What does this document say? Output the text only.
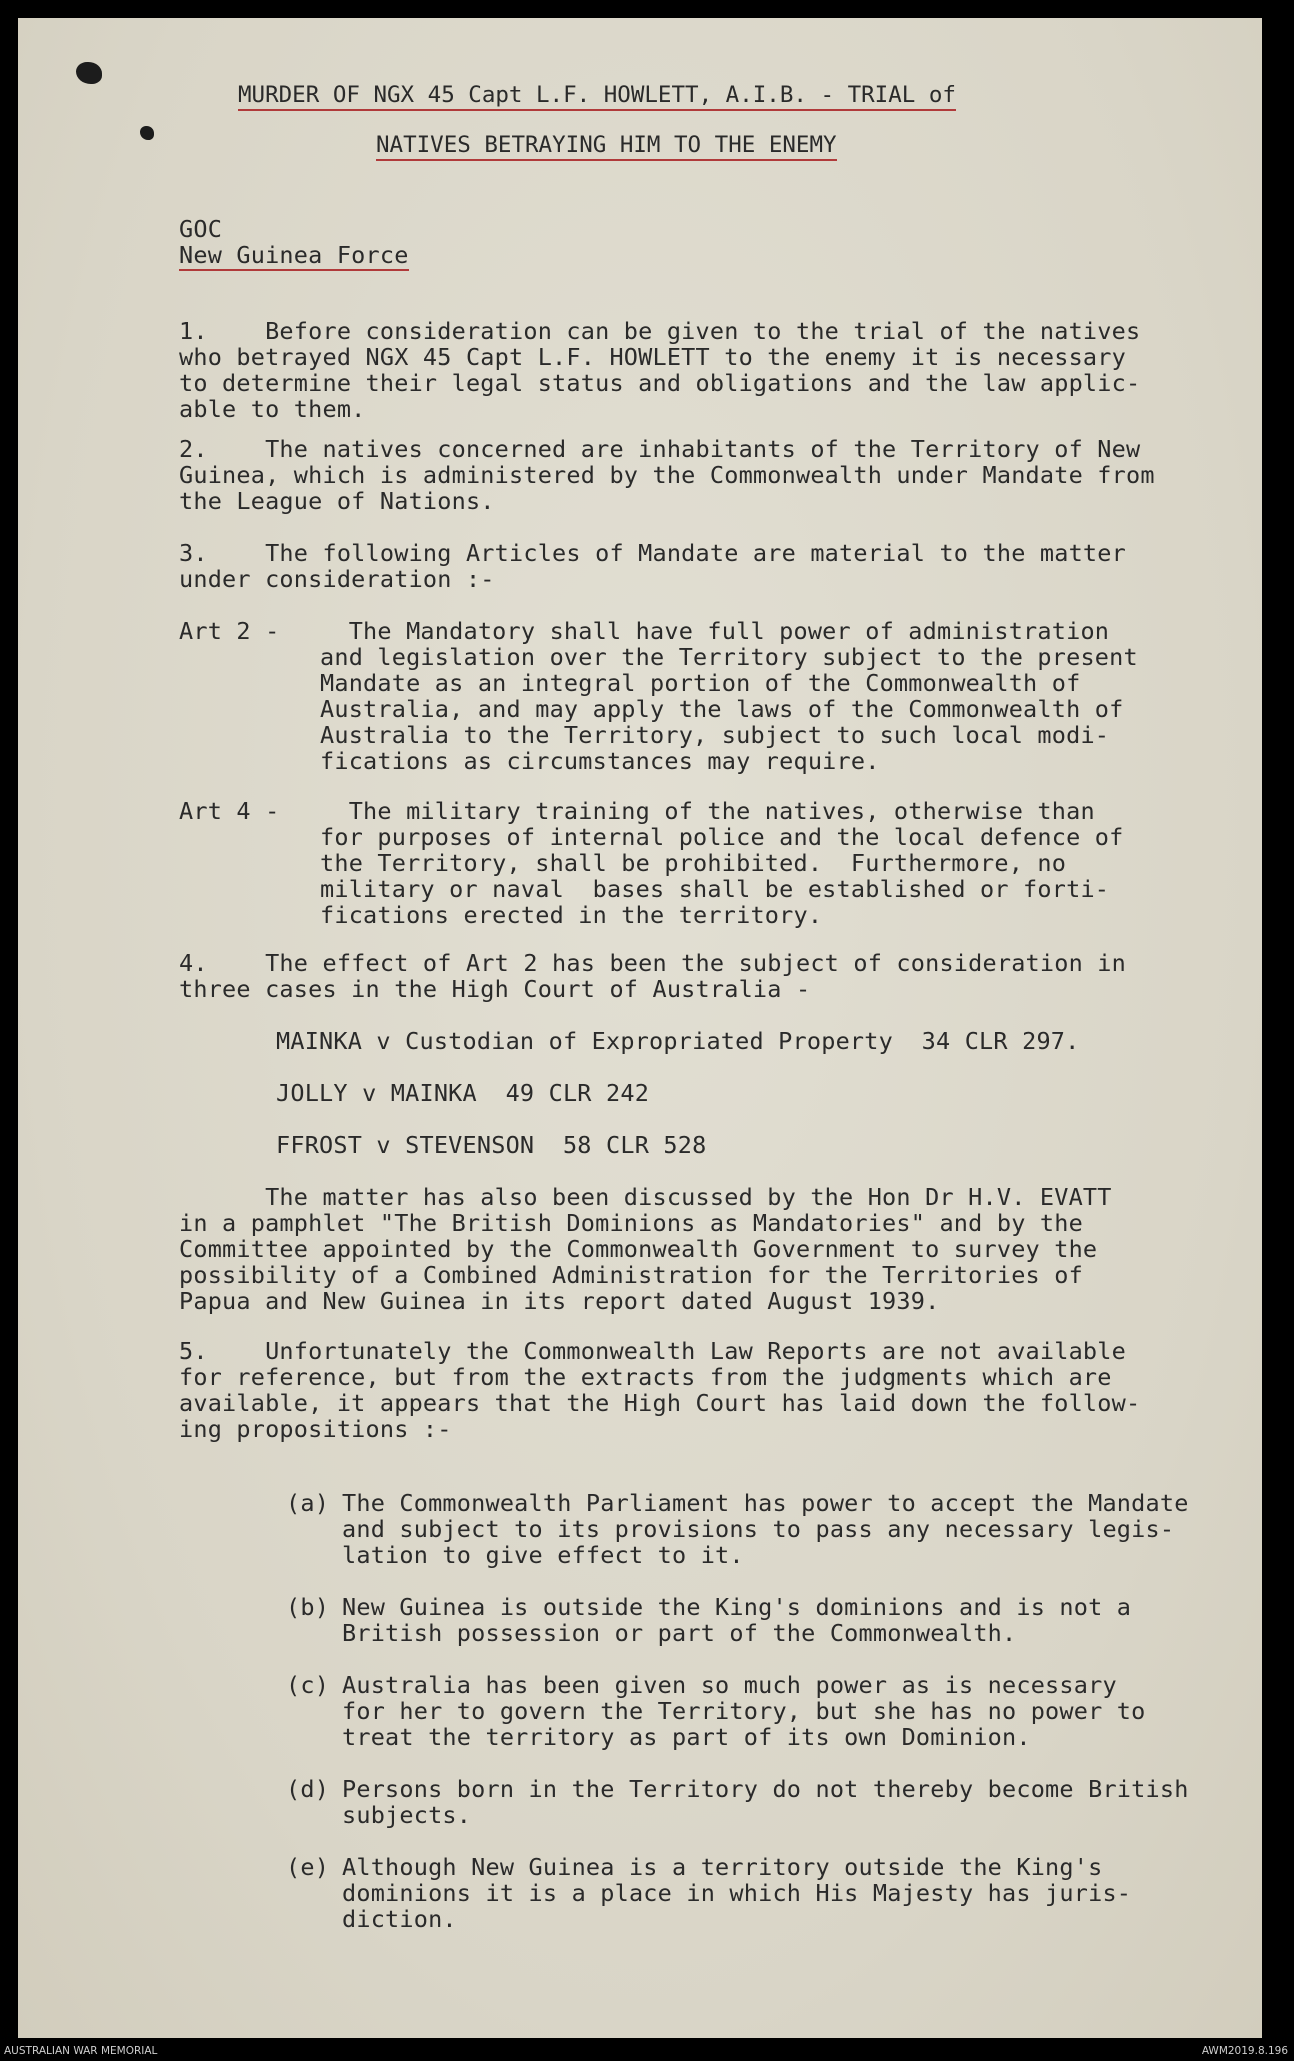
MURDER OF NGX 45 Capt L.F. HOWLETT, A.I.B. - TRIAL of
NATIVES BETRAYING HIM TO THE ENEMY
GOC
New Guinea Force
1.    Before consideration can be given to the trial of the natives
who betrayed NGX 45 Capt L.F. HOWLETT to the enemy it is necessary
to determine their legal status and obligations and the law applic-
able to them.
2.    The natives concerned are inhabitants of the Territory of New
Guinea, which is administered by the Commonwealth under Mandate from
the League of Nations.
3.    The following Articles of Mandate are material to the matter
under consideration :-
Art 2 - The Mandatory shall have full power of administration
and legislation over the Territory subject to the present
Mandate as an integral portion of the Commonwealth of
Australia, and may apply the laws of the Commonwealth of
Australia to the Territory, subject to such local modi-
fications as circumstances may require.
Art 4 - The military training of the natives, otherwise than
for purposes of internal police and the local defence of
the Territory, shall be prohibited.  Furthermore, no
military or naval  bases shall be established or forti-
fications erected in the territory.
4.    The effect of Art 2 has been the subject of consideration in
three cases in the High Court of Australia -
MAINKA v Custodian of Expropriated Property  34 CLR 297.
JOLLY v MAINKA  49 CLR 242
FFROST v STEVENSON  58 CLR 528
The matter has also been discussed by the Hon Dr H.V. EVATT
in a pamphlet "The British Dominions as Mandatories" and by the
Committee appointed by the Commonwealth Government to survey the
possibility of a Combined Administration for the Territories of
Papua and New Guinea in its report dated August 1939.
5.    Unfortunately the Commonwealth Law Reports are not available
for reference, but from the extracts from the judgments which are
available, it appears that the High Court has laid down the follow-
ing propositions :-
(a) The Commonwealth Parliament has power to accept the Mandate
and subject to its provisions to pass any necessary legis-
lation to give effect to it.
(b) New Guinea is outside the King's dominions and is not a
British possession or part of the Commonwealth.
(c) Australia has been given so much power as is necessary
for her to govern the Territory, but she has no power to
treat the territory as part of its own Dominion.
(d) Persons born in the Territory do not thereby become British
subjects.
(e) Although New Guinea is a territory outside the King's
dominions it is a place in which His Majesty has juris-
diction.
AUSTRALIAN WAR MEMORIAL	AWM2019.8.196
